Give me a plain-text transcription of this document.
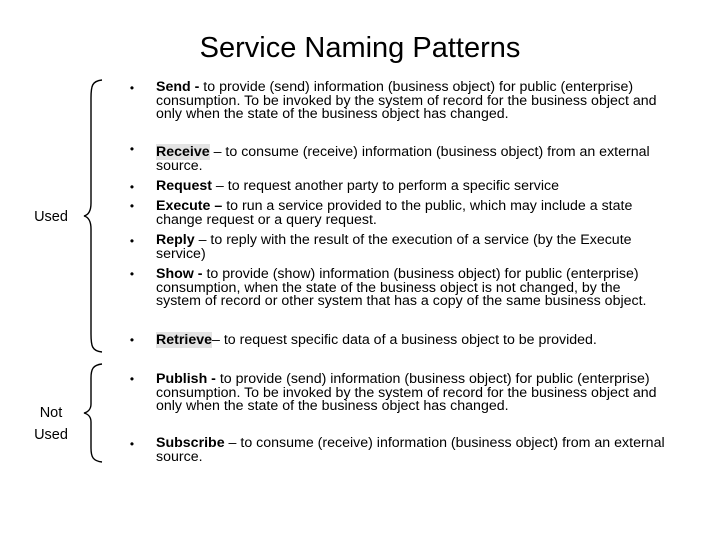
Service Naming Patterns
Used
Not
Used
•
•
•
•
•
•
•
•
•
Send - to provide (send) information (business object) for public (enterprise) consumption. To be invoked by the system of record for the business object and only when the state of the business object has changed.
Receive – to consume (receive) information (business object) from an external source.
Request – to request another party to perform a specific service
Execute – to run a service provided to the public, which may include a state change request or a query request.
Reply – to reply with the result of the execution of a service (by the Execute service)
Show - to provide (show) information (business object) for public (enterprise) consumption, when the state of the business object is not changed, by the system of record or other system that has a copy of the same business object.
Retrieve– to request specific data of a business object to be provided.
Publish - to provide (send) information (business object) for public (enterprise) consumption. To be invoked by the system of record for the business object and only when the state of the business object has changed.
Subscribe – to consume (receive) information (business object) from an external source.
